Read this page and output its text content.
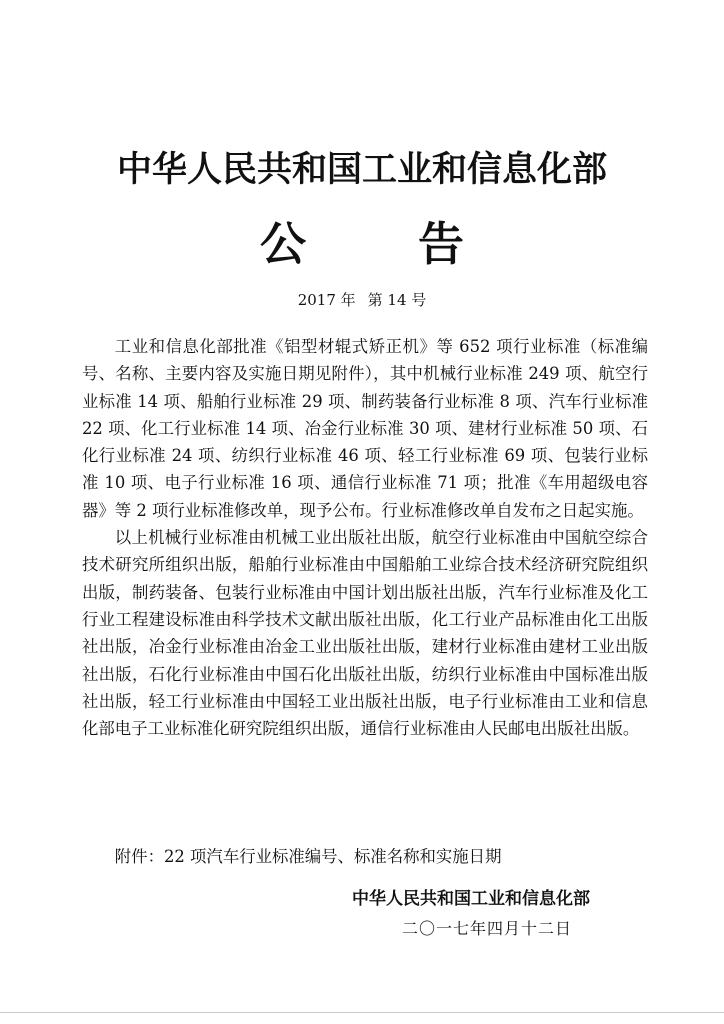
中华人民共和国工业和信息化部
公 告
2017 年 第 14 号

工业和信息化部批准《铝型材辊式矫正机》等 652 项行业标准（标准编号、名称、主要内容及实施日期见附件），其中机械行业标准 249 项、航空行业标准 14 项、船舶行业标准 29 项、制药装备行业标准 8 项、汽车行业标准 22 项、化工行业标准 14 项、冶金行业标准 30 项、建材行业标准 50 项、石化行业标准 24 项、纺织行业标准 46 项、轻工行业标准 69 项、包装行业标准 10 项、电子行业标准 16 项、通信行业标准 71 项；批准《车用超级电容器》等 2 项行业标准修改单，现予公布。行业标准修改单自发布之日起实施。

以上机械行业标准由机械工业出版社出版，航空行业标准由中国航空综合技术研究所组织出版，船舶行业标准由中国船舶工业综合技术经济研究院组织出版，制药装备、包装行业标准由中国计划出版社出版，汽车行业标准及化工行业工程建设标准由科学技术文献出版社出版，化工行业产品标准由化工出版社出版，冶金行业标准由冶金工业出版社出版，建材行业标准由建材工业出版社出版，石化行业标准由中国石化出版社出版，纺织行业标准由中国标准出版社出版，轻工行业标准由中国轻工业出版社出版，电子行业标准由工业和信息化部电子工业标准化研究院组织出版，通信行业标准由人民邮电出版社出版。

附件：22 项汽车行业标准编号、标准名称和实施日期
中华人民共和国工业和信息化部
二〇一七年四月十二日
